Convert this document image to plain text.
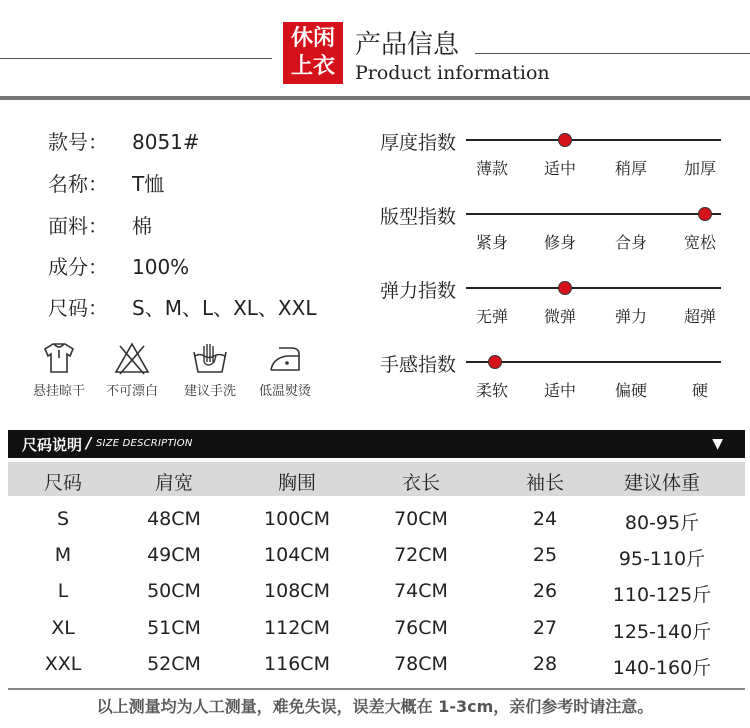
休闲
上衣
产品信息
Product information
款号： 8051#
名称： T恤
面料： 棉
成分： 100%
尺码： S、M、L、XL、XXL
悬挂晾干	不可漂白	建议手洗	低温熨烫
厚度指数
薄款	适中	稍厚	加厚
版型指数
紧身	修身	合身	宽松
弹力指数
无弹	微弹	弹力	超弹
手感指数
柔软	适中	偏硬	硬
尺码说明 / SIZE DESCRIPTION	▼
尺码	肩宽	胸围	衣长	袖长	建议体重
S	48CM	100CM	70CM	24	80-95斤
M	49CM	104CM	72CM	25	95-110斤
L	50CM	108CM	74CM	26	110-125斤
XL	51CM	112CM	76CM	27	125-140斤
XXL	52CM	116CM	78CM	28	140-160斤
以上测量均为人工测量，难免失误，误差大概在 1-3cm，亲们参考时请注意。
